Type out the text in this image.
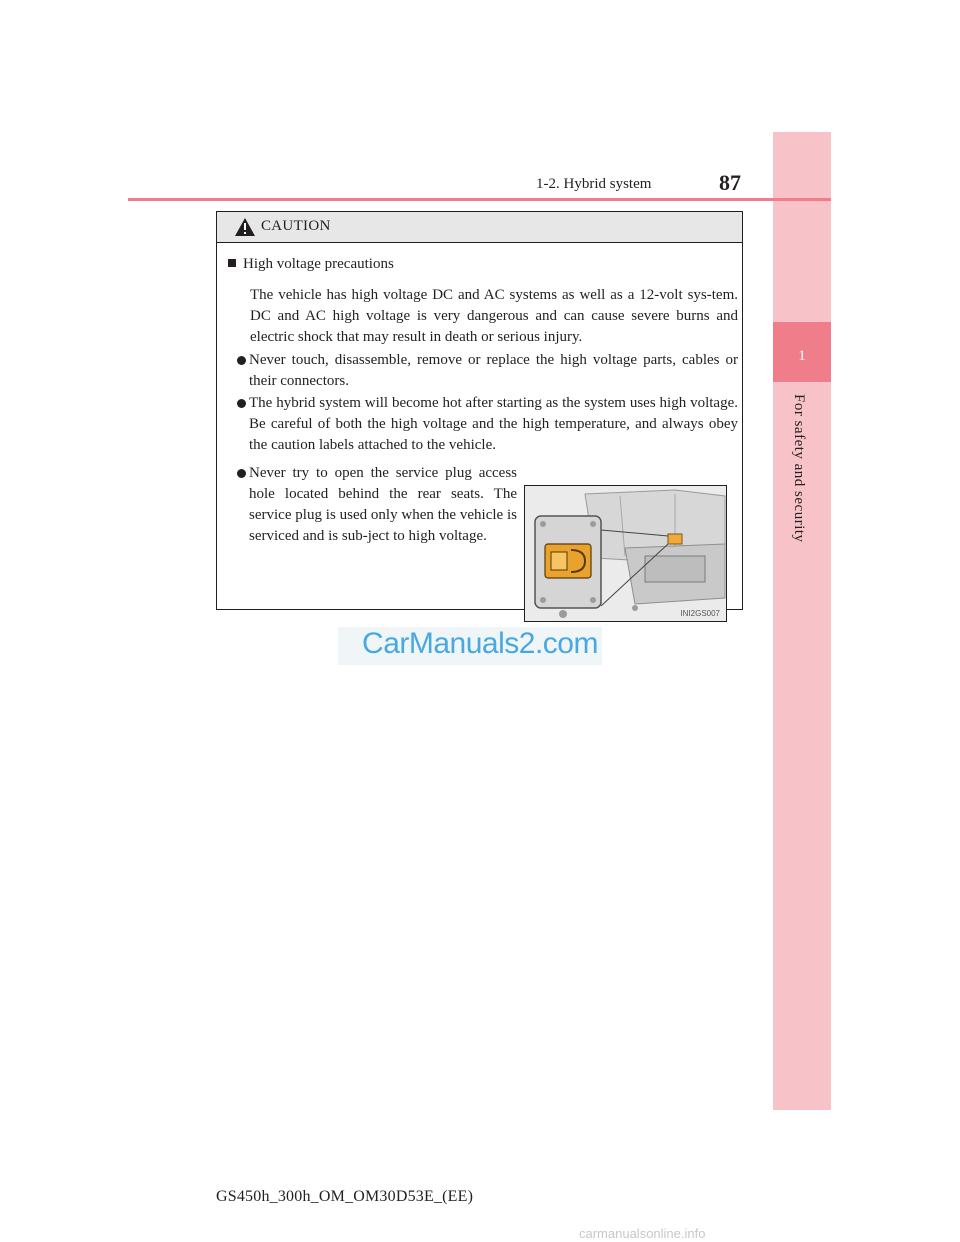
1
For safety and security
1-2. Hybrid system	87
CAUTION
High voltage precautions

The vehicle has high voltage DC and AC systems as well as a 12-volt sys-tem. DC and AC high voltage is very dangerous and can cause severe burns and electric shock that may result in death or serious injury.

Never touch, disassemble, remove or replace the high voltage parts, cables or their connectors.
The hybrid system will become hot after starting as the system uses high voltage. Be careful of both the high voltage and the high temperature, and always obey the caution labels attached to the vehicle.
Never try to open the service plug access hole located behind the rear seats. The service plug is used only when the vehicle is serviced and is sub-ject to high voltage.
INI2GS007
CarManuals2.com
GS450h_300h_OM_OM30D53E_(EE)
carmanualsonline.info
